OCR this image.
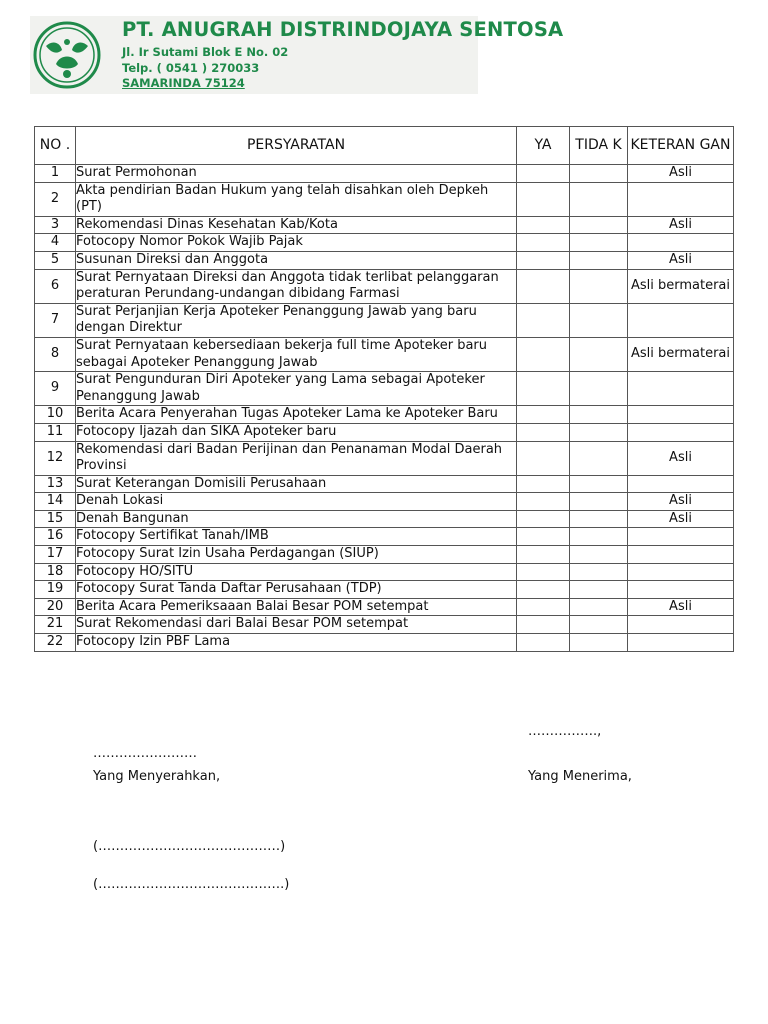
PT. ANUGRAH DISTRINDOJAYA SENTOSA
Jl. Ir Sutami Blok E No. 02
Telp. ( 0541 ) 270033
SAMARINDA 75124
NO .	PERSYARATAN	YA	TIDA K	KETERAN GAN
1	Surat Permohonan			Asli
2	Akta pendirian Badan Hukum yang telah disahkan oleh Depkeh (PT)			
3	Rekomendasi Dinas Kesehatan Kab/Kota			Asli
4	Fotocopy Nomor Pokok Wajib Pajak			
5	Susunan Direksi dan Anggota			Asli
6	Surat Pernyataan Direksi dan Anggota tidak terlibat pelanggaran peraturan Perundang-undangan dibidang Farmasi			Asli bermaterai
7	Surat Perjanjian Kerja Apoteker Penanggung Jawab yang baru dengan Direktur			
8	Surat Pernyataan kebersediaan bekerja full time Apoteker baru sebagai Apoteker Penanggung Jawab			Asli bermaterai
9	Surat Pengunduran Diri Apoteker yang Lama sebagai Apoteker Penanggung Jawab			
10	Berita Acara Penyerahan Tugas Apoteker Lama ke Apoteker Baru			
11	Fotocopy Ijazah dan SIKA Apoteker baru			
12	Rekomendasi dari Badan Perijinan dan Penanaman Modal Daerah Provinsi			Asli
13	Surat Keterangan Domisili Perusahaan			
14	Denah Lokasi			Asli
15	Denah Bangunan			Asli
16	Fotocopy Sertifikat Tanah/IMB			
17	Fotocopy Surat Izin Usaha Perdagangan (SIUP)			
18	Fotocopy HO/SITU			
19	Fotocopy Surat Tanda Daftar Perusahaan (TDP)			
20	Berita Acara Pemeriksaaan Balai Besar POM setempat			Asli
21	Surat Rekomendasi dari Balai Besar POM setempat			
22	Fotocopy Izin PBF Lama			
…………….,
……………………
Yang Menyerahkan,	Yang Menerima,
(……………………………………)
(…………………………………….)
